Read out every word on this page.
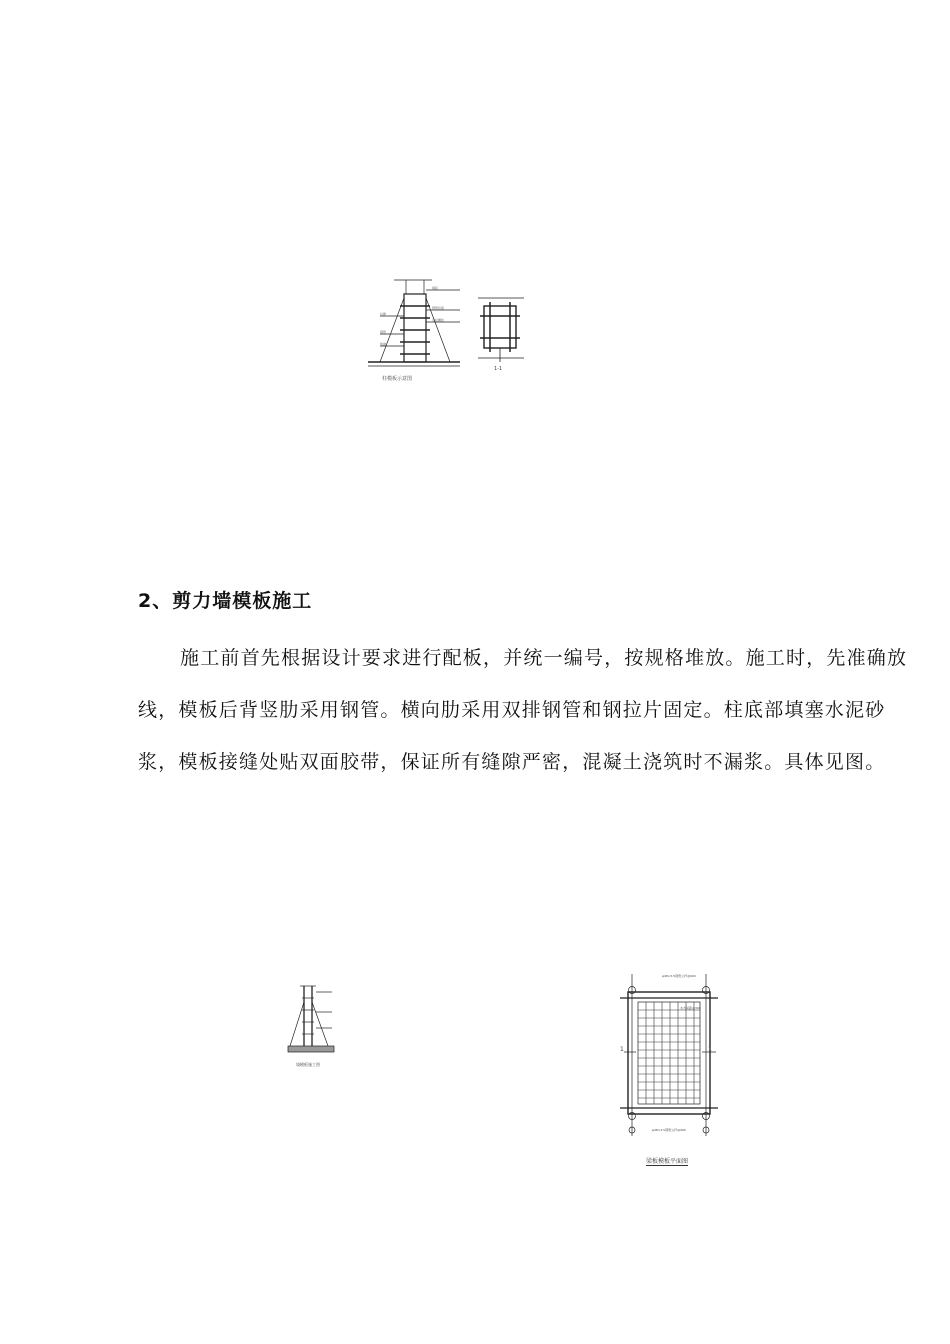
模板
钢管柱箍
对拉螺栓
斜撑
钢管
地锚
柱模板示意图
1-1
2、剪力墙模板施工

施工前首先根据设计要求进行配板，并统一编号，按规格堆放。施工时，先准确放线，模板后背竖肋采用钢管。横向肋采用双排钢管和钢拉片固定。柱底部填塞水泥砂浆，模板接缝处贴双面胶带，保证所有缝隙严密，混凝土浇筑时不漏浆。具体见图。

墙模板施工图
φ48×3.5钢管立杆@900
木方间距@300
φ48×3.5钢管立杆@900
1	1
梁板模板平面图
